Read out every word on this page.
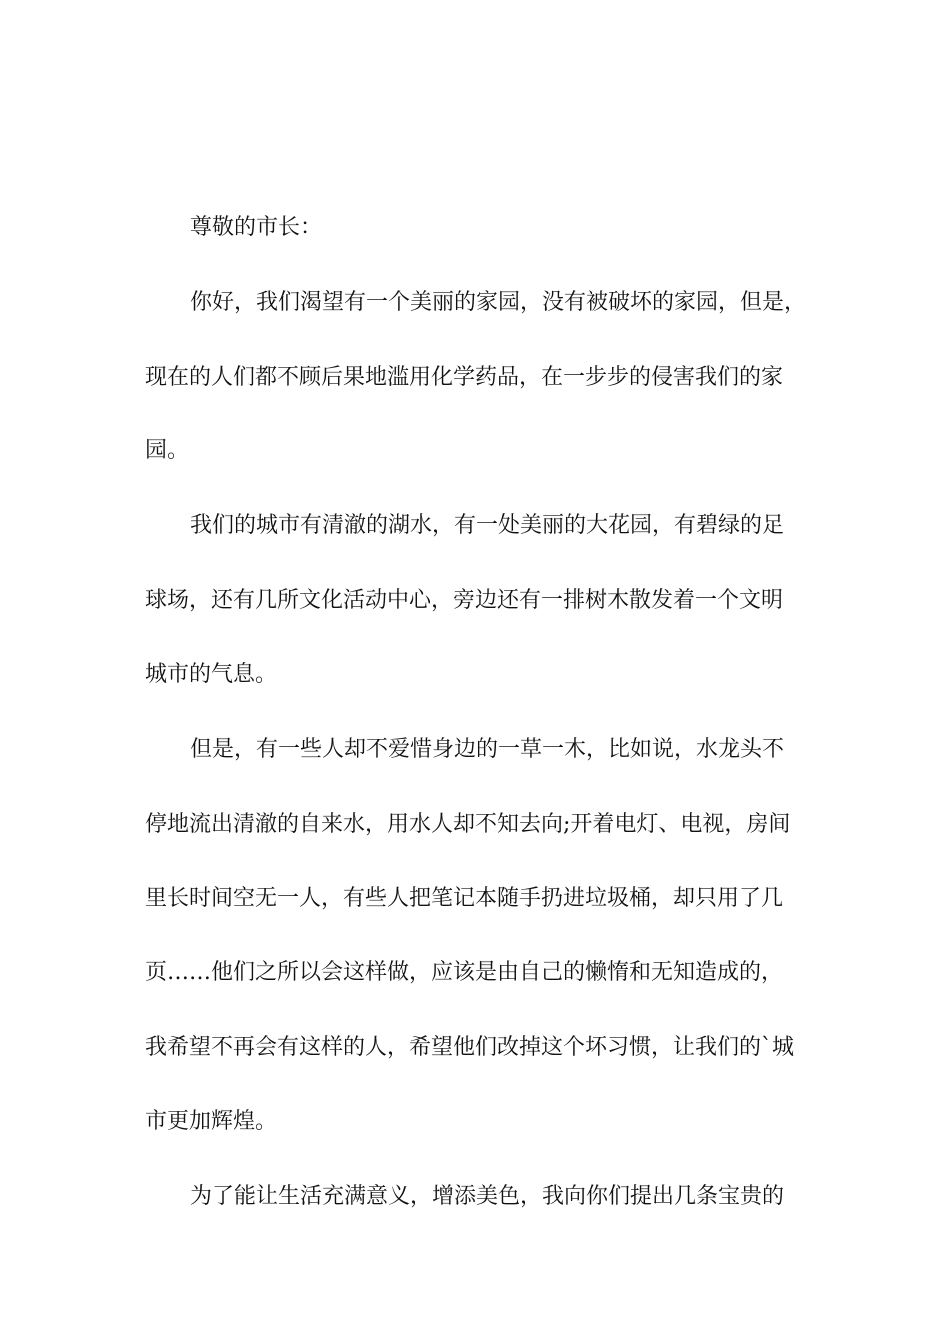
尊敬的市长：
你好，我们渴望有一个美丽的家园，没有被破坏的家园，但是，
现在的人们都不顾后果地滥用化学药品，在一步步的侵害我们的家
园。
我们的城市有清澈的湖水，有一处美丽的大花园，有碧绿的足
球场，还有几所文化活动中心，旁边还有一排树木散发着一个文明
城市的气息。
但是，有一些人却不爱惜身边的一草一木，比如说，水龙头不
停地流出清澈的自来水，用水人却不知去向;开着电灯、电视，房间
里长时间空无一人，有些人把笔记本随手扔进垃圾桶，却只用了几
页……他们之所以会这样做，应该是由自己的懒惰和无知造成的，
我希望不再会有这样的人，希望他们改掉这个坏习惯，让我们的`城
市更加辉煌。
为了能让生活充满意义，增添美色，我向你们提出几条宝贵的
